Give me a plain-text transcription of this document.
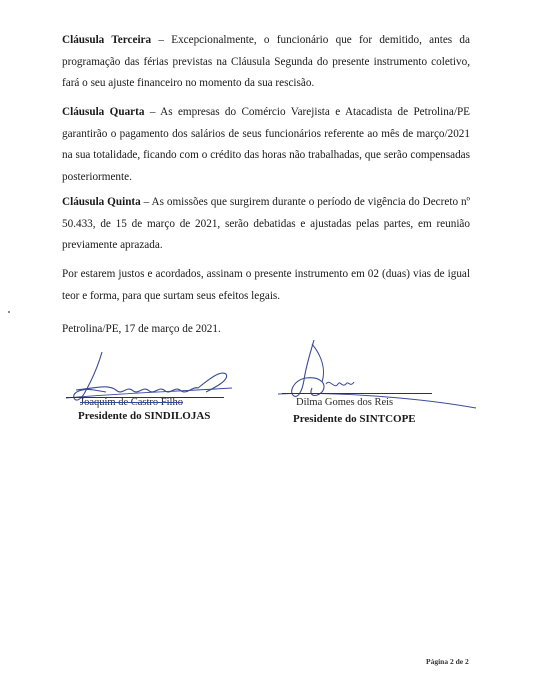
Cláusula Terceira – Excepcionalmente, o funcionário que for demitido, antes da programação das férias previstas na Cláusula Segunda do presente instrumento coletivo, fará o seu ajuste financeiro no momento da sua rescisão.

Cláusula Quarta – As empresas do Comércio Varejista e Atacadista de Petrolina/PE garantirão o pagamento dos salários de seus funcionários referente ao mês de março/2021 na sua totalidade, ficando com o crédito das horas não trabalhadas, que serão compensadas posteriormente.

Cláusula Quinta – As omissões que surgirem durante o período de vigência do Decreto nº 50.433, de 15 de março de 2021, serão debatidas e ajustadas pelas partes, em reunião previamente aprazada.

Por estarem justos e acordados, assinam o presente instrumento em 02 (duas) vias de igual teor e forma, para que surtam seus efeitos legais.

Petrolina/PE, 17 de março de 2021.
Joaquim de Castro Filho
Presidente do SINDILOJAS
Dilma Gomes dos Reis
Presidente do SINTCOPE
Página 2 de 2
